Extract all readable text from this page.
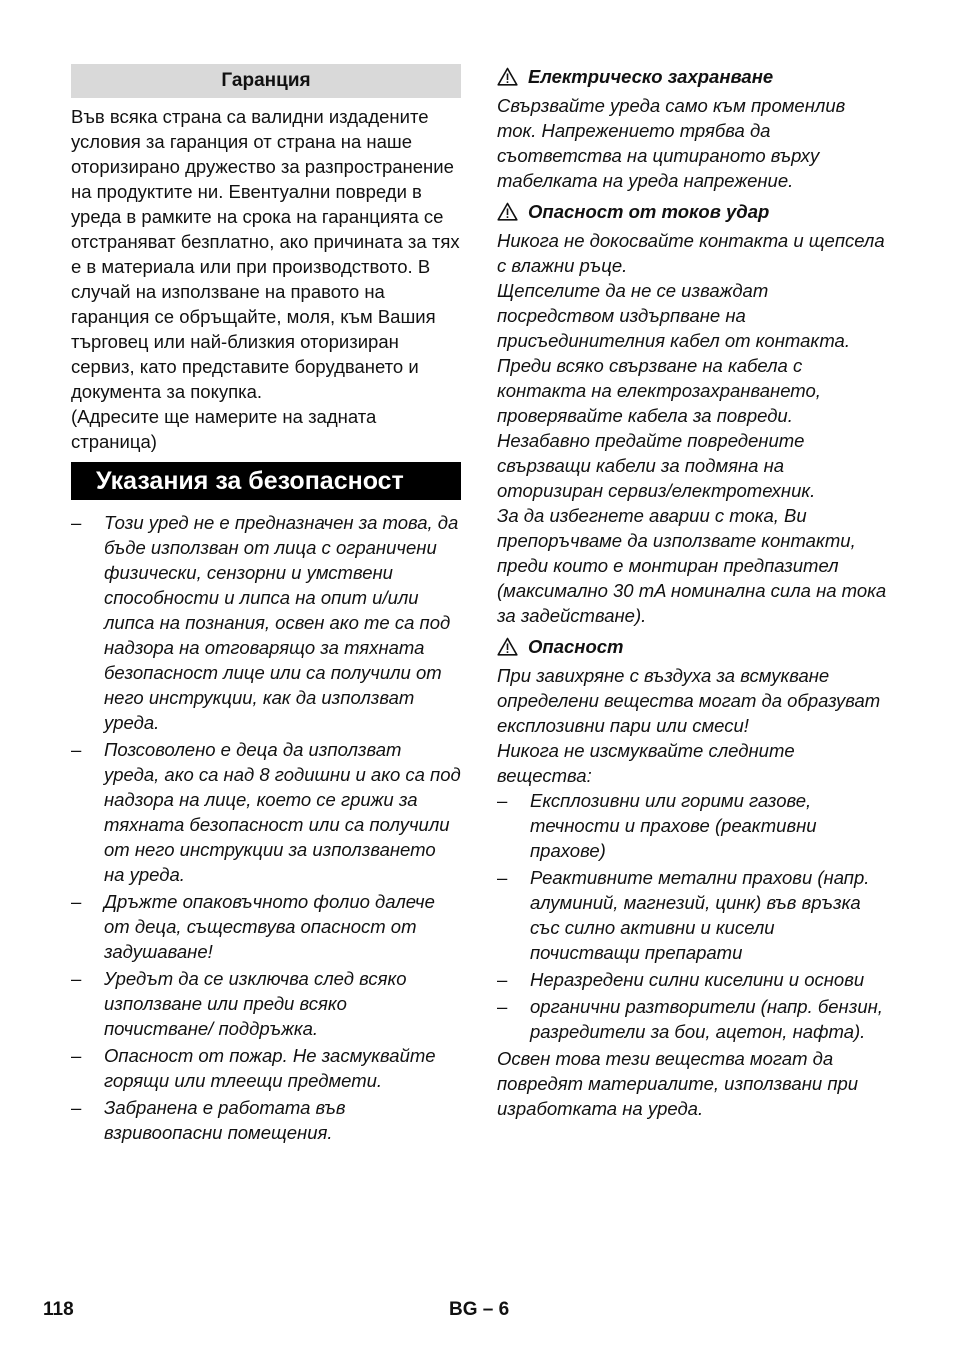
Гаранция

Във всяка страна са валидни издадените условия за гаранция от страна на наше оторизирано дружество за разпространение на продуктите ни. Евентуални повреди в уреда в рамките на срока на гаранцията се отстраняват безплатно, ако причината за тях е в материала или при производството. В случай на използване на правото на гаранция се обръщайте, моля, към Вашия търговец или най-близкия оторизиран сервиз, като представите борудването и документа за покупка.

(Адресите ще намерите на задната страница)

Указания за безопасност
– Този уред не е предназначен за това, да бъде използван от лица с ограничени физически, сензорни и умствени способности и липса на опит и/или липса на познания, освен ако те са под надзора на отговарящо за тяхната безопасност лице или са получили от него инструкции, как да използват уреда.
– Позсоволено е деца да използват уреда, ако са над 8 годишни и ако са под надзора на лице, което се грижи за тяхната безопасност или са получили от него инструкции за използването на уреда.
– Дръжте опаковъчното фолио далече от деца, съществува опасност от задушаване!
– Уредът да се изключва след всяко използване или преди всяко почистване/ поддръжка.
– Опасност от пожар. Не засмуквайте горящи или тлеещи предмети.
– Забранена е работата във взривоопасни помещения.
Електрическо захранване

Свързвайте уреда само към променлив ток. Напрежението трябва да съответства на цитираното върху табелката на уреда напрежение.

Опасност от токов удар

Никога не докосвайте контакта и щепсела с влажни ръце.

Щепселите да не се изваждат посредством издърпване на присъединителния кабел от контакта.

Преди всяко свързване на кабела с контакта на електрозахранването, проверявайте кабела за повреди.

Незабавно предайте повредените свързващи кабели за подмяна на оторизиран сервиз/електротехник.

За да избегнете аварии с тока, Ви препоръчваме да използвате контакти, преди които е монтиран предпазител (максимално 30 mA номинална сила на тока за задействане).

Опасност

При завихряне с въздуха за всмукване определени вещества могат да образуват експлозивни пари или смеси!

Никога не изсмуквайте следните вещества:

– Експлозивни или горими газове, течности и прахове (реактивни прахове)
– Реактивните метални прахови (напр. алуминий, магнезий, цинк) във връзка със силно активни и кисели почистващи препарати
– Неразредени силни киселини и основи
– органични разтворители (напр. бензин, разредители за бои, ацетон, нафта).

Освен това тези вещества могат да повредят материалите, използвани при изработката на уреда.

118	BG – 6
